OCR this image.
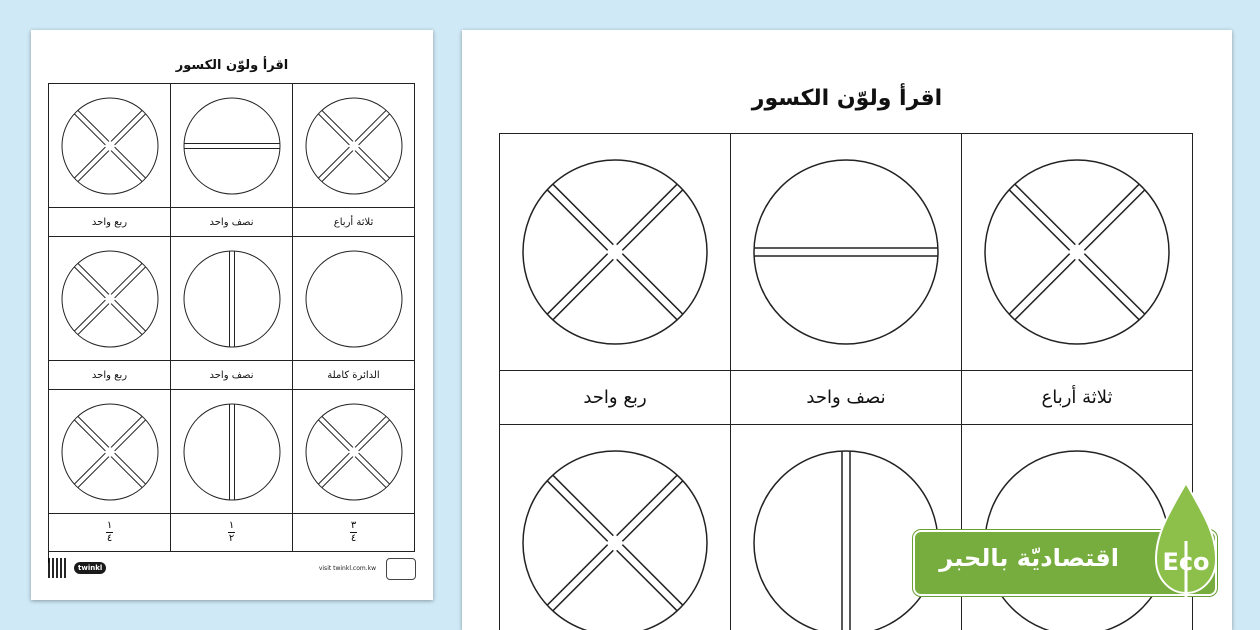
اقرأ ولوّن الكسور
ثلاثة أرباع
نصف واحد
ربع واحد
الدائرة كاملة
نصف واحد
ربع واحد
$\frac{٣}{٤}$
$\frac{١}{٢}$
$\frac{١}{٤}$
twinkl	visit twinkl.com.kw
اقرأ ولوّن الكسور
ثلاثة أرباع
نصف واحد
ربع واحد
اقتصاديّة بالحبر Eco
